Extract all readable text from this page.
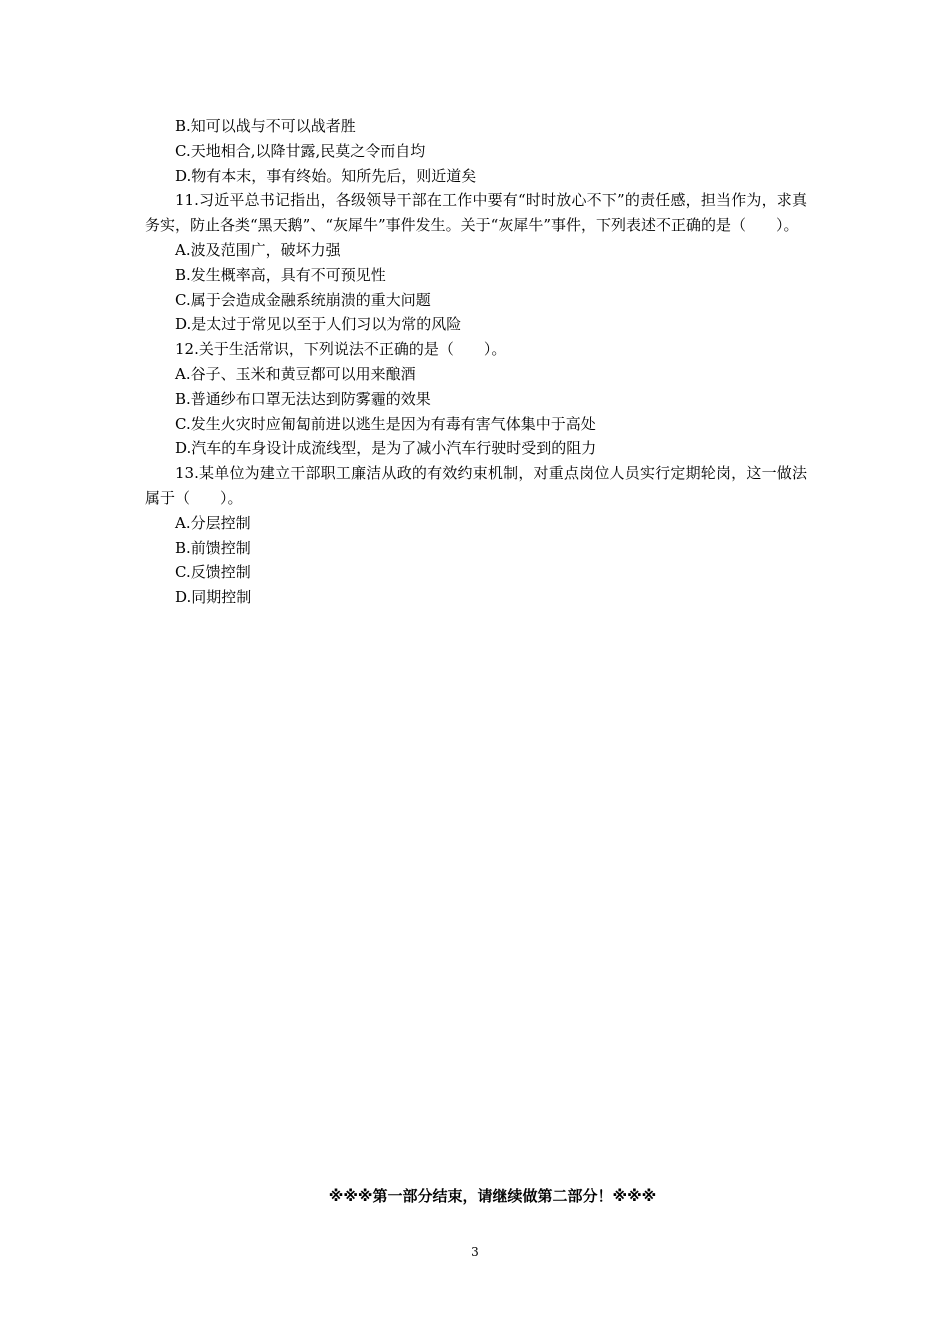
B.知可以战与不可以战者胜

C.天地相合,以降甘露,民莫之令而自均

D.物有本末，事有终始。知所先后，则近道矣

11.习近平总书记指出，各级领导干部在工作中要有“时时放心不下”的责任感，担当作为，求真务实，防止各类“黑天鹅”、“灰犀牛”事件发生。关于“灰犀牛”事件，下列表述不正确的是（　　）。

A.波及范围广，破坏力强

B.发生概率高，具有不可预见性

C.属于会造成金融系统崩溃的重大问题

D.是太过于常见以至于人们习以为常的风险

12.关于生活常识，下列说法不正确的是（　　）。

A.谷子、玉米和黄豆都可以用来酿酒

B.普通纱布口罩无法达到防雾霾的效果

C.发生火灾时应匍匐前进以逃生是因为有毒有害气体集中于高处

D.汽车的车身设计成流线型，是为了减小汽车行驶时受到的阻力

13.某单位为建立干部职工廉洁从政的有效约束机制，对重点岗位人员实行定期轮岗，这一做法属于（　　）。

A.分层控制

B.前馈控制

C.反馈控制

D.同期控制

※※※第一部分结束，请继续做第二部分！※※※
3
